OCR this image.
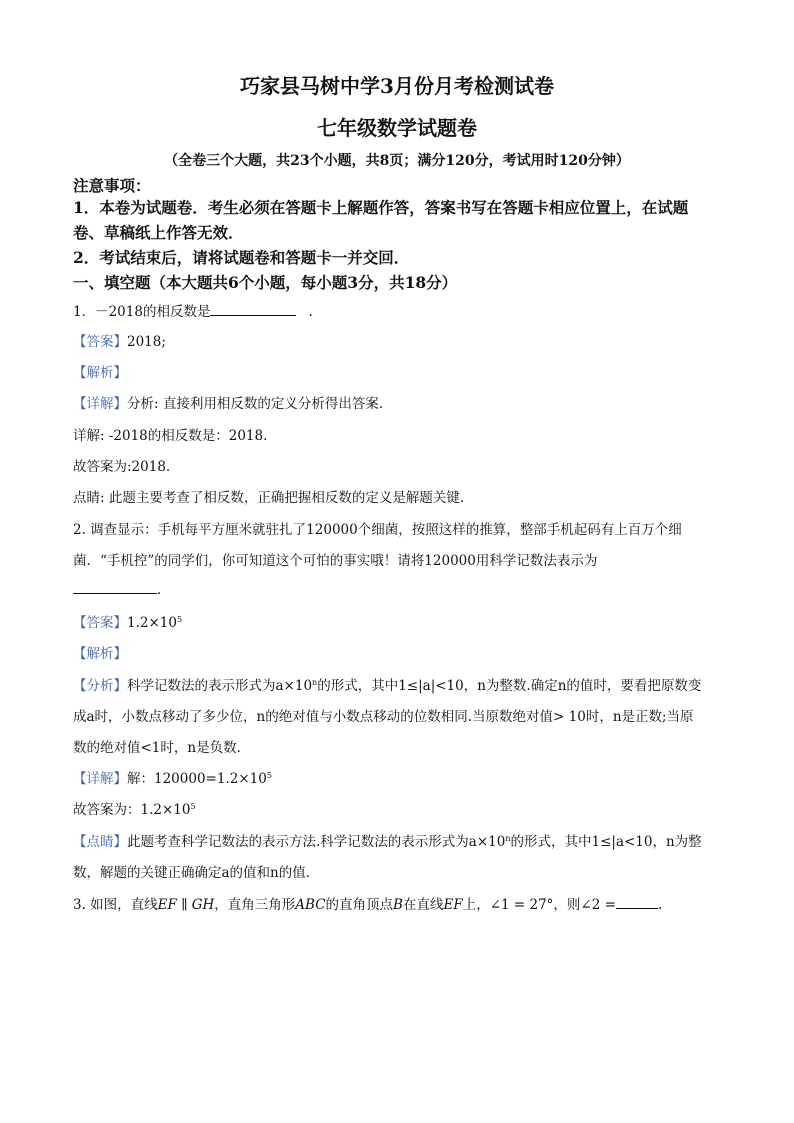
巧家县马树中学3月份月考检测试卷
七年级数学试题卷
（全卷三个大题，共23个小题，共8页；满分120分，考试用时120分钟）
注意事项：
1．本卷为试题卷．考生必须在答题卡上解题作答，答案书写在答题卡相应位置上，在试题
卷、草稿纸上作答无效．
2．考试结束后，请将试题卷和答题卡一并交回．
一、填空题（本大题共6个小题，每小题3分，共18分）
1．－2018的相反数是	.
【答案】2018;
【解析】
【详解】分析: 直接利用相反数的定义分析得出答案.
详解: -2018的相反数是：2018.
故答案为:2018.
点睛: 此题主要考查了相反数，正确把握相反数的定义是解题关键.
2. 调查显示：手机每平方厘米就驻扎了120000个细菌，按照这样的推算，整部手机起码有上百万个细
菌．“手机控”的同学们，你可知道这个可怕的事实哦！请将120000用科学记数法表示为
．
【答案】$1.2\times 10^5$
【解析】
【分析】科学记数法的表示形式为$a\times 10^n$的形式，其中1≤|a|<10，n为整数.确定n的值时，要看把原数变
成a时，小数点移动了多少位，n的绝对值与小数点移动的位数相同.当原数绝对值> 10时，n是正数;当原
数的绝对值<1时，n是负数．
【详解】解：$120000=1.2\times 10^5$
故答案为：$1.2\times 10^5$
【点睛】此题考查科学记数法的表示方法.科学记数法的表示形式为$a\times 10^n$的形式，其中1≤|a<10，n为整
数，解题的关键正确确定a的值和n的值．
3. 如图，直线EF ∥ GH，直角三角形ABC的直角顶点B在直线EF上，∠1 = 27°，则∠2 =	.
